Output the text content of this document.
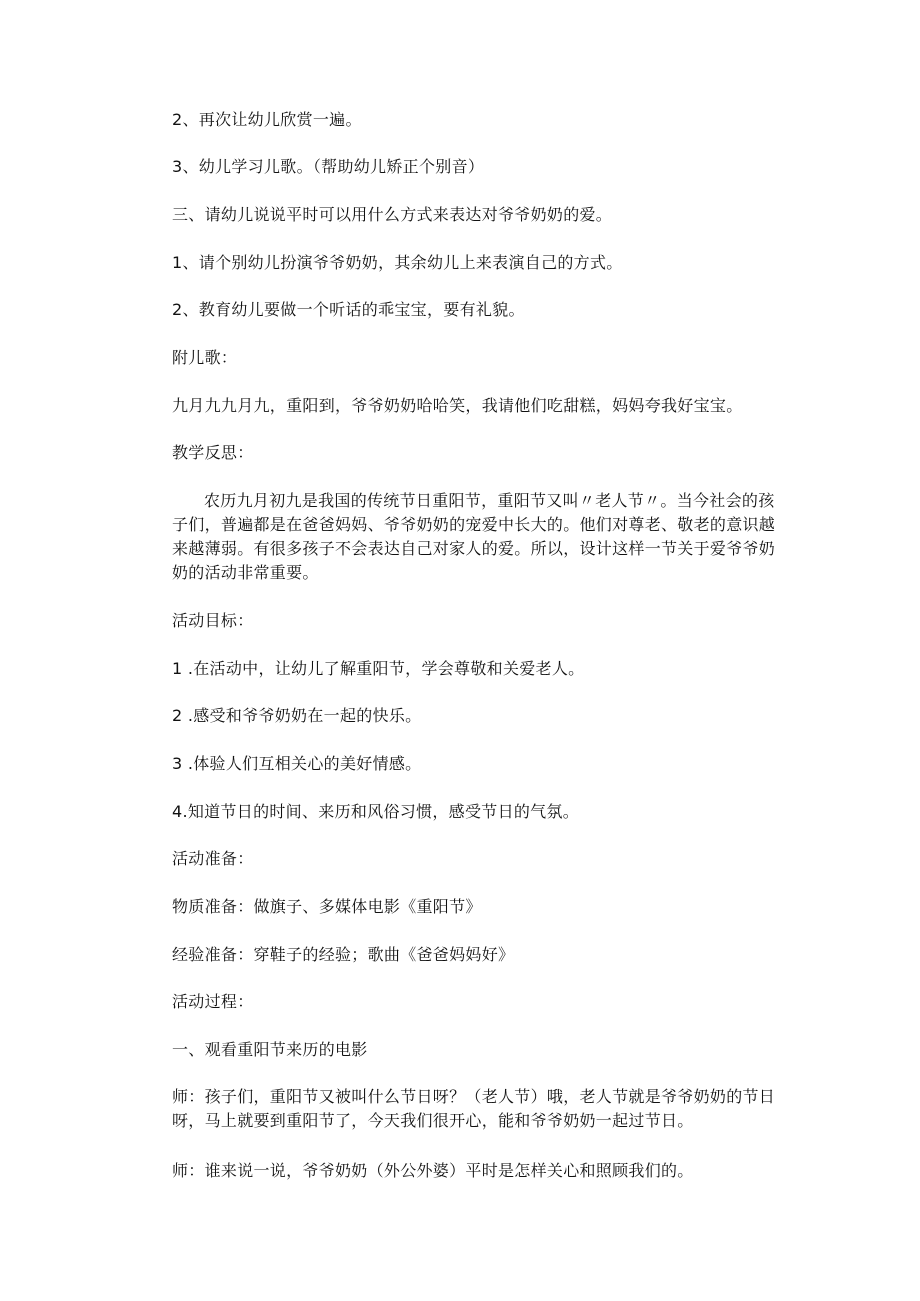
2、再次让幼儿欣赏一遍。
3、幼儿学习儿歌。（帮助幼儿矫正个别音）
三、请幼儿说说平时可以用什么方式来表达对爷爷奶奶的爱。
1、请个别幼儿扮演爷爷奶奶，其余幼儿上来表演自己的方式。
2、教育幼儿要做一个听话的乖宝宝，要有礼貌。
附儿歌：
九月九九月九，重阳到，爷爷奶奶哈哈笑，我请他们吃甜糕，妈妈夸我好宝宝。
教学反思：
农历九月初九是我国的传统节日重阳节，重阳节又叫〃老人节〃。当今社会的孩子们，普遍都是在爸爸妈妈、爷爷奶奶的宠爱中长大的。他们对尊老、敬老的意识越来越薄弱。有很多孩子不会表达自己对家人的爱。所以，设计这样一节关于爱爷爷奶奶的活动非常重要。
活动目标：
1 .在活动中，让幼儿了解重阳节，学会尊敬和关爱老人。
2 .感受和爷爷奶奶在一起的快乐。
3 .体验人们互相关心的美好情感。
4.知道节日的时间、来历和风俗习惯，感受节日的气氛。
活动准备：
物质准备：做旗子、多媒体电影《重阳节》
经验准备：穿鞋子的经验；歌曲《爸爸妈妈好》
活动过程：
一、观看重阳节来历的电影
师：孩子们，重阳节又被叫什么节日呀？（老人节）哦，老人节就是爷爷奶奶的节日呀，马上就要到重阳节了，今天我们很开心，能和爷爷奶奶一起过节日。
师：谁来说一说，爷爷奶奶（外公外婆）平时是怎样关心和照顾我们的。
